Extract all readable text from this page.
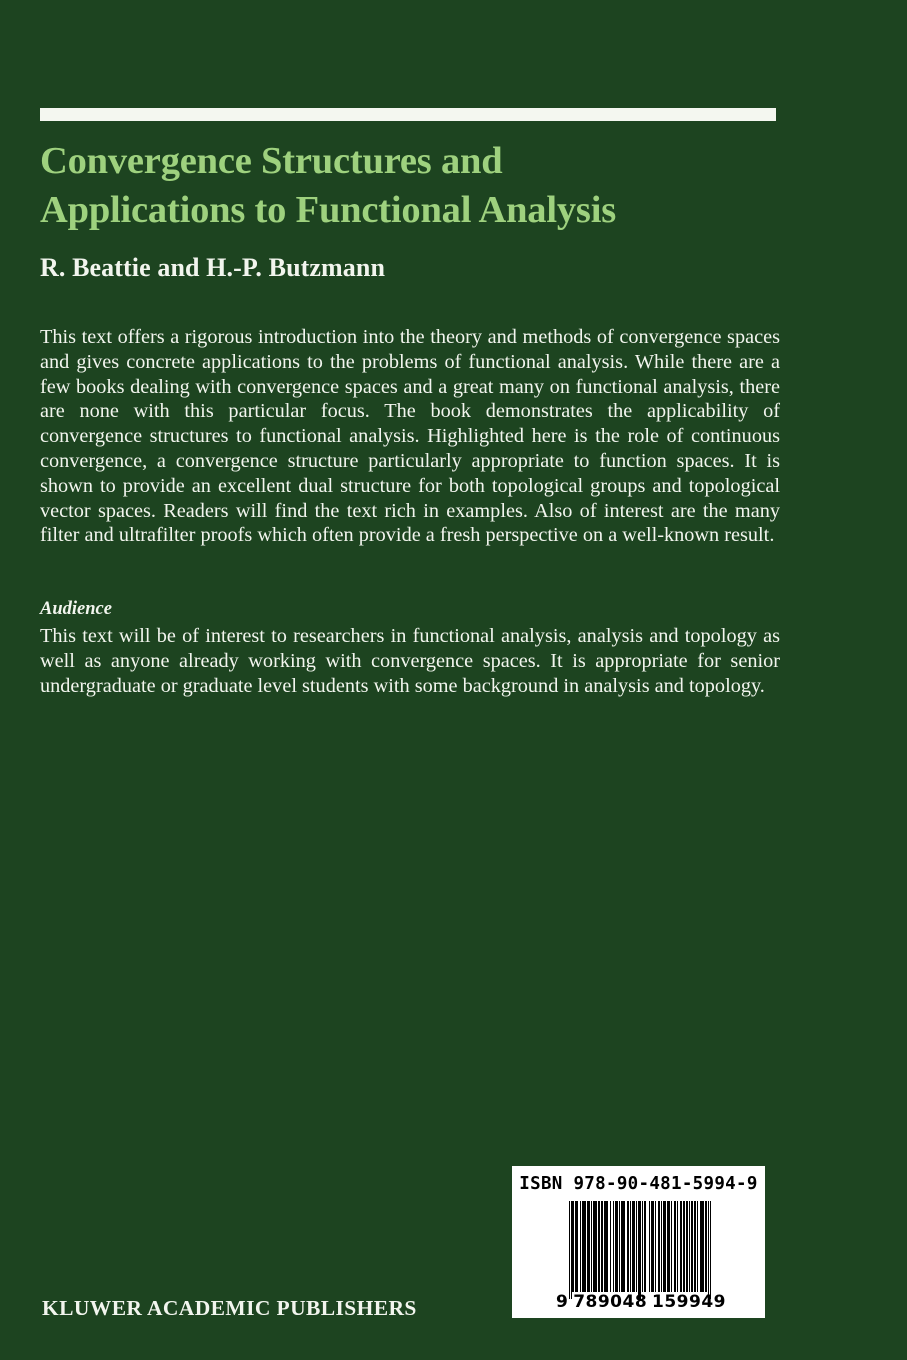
Convergence Structures and
Applications to Functional Analysis
R. Beattie and H.-P. Butzmann

This text offers a rigorous introduction into the theory and methods of convergence spaces and gives concrete applications to the problems of functional analysis. While there are a few books dealing with convergence spaces and a great many on functional analysis, there are none with this particular focus. The book demonstrates the applicability of convergence structures to functional analysis. Highlighted here is the role of continuous convergence, a convergence structure particularly appropriate to function spaces. It is shown to provide an excellent dual structure for both topological groups and topological vector spaces. Readers will find the text rich in examples. Also of interest are the many filter and ultrafilter proofs which often provide a fresh perspective on a well-known result.

Audience

This text will be of interest to researchers in functional analysis, analysis and topology as well as anyone already working with convergence spaces. It is appropriate for senior undergraduate or graduate level students with some background in analysis and topology.

KLUWER ACADEMIC PUBLISHERS
ISBN 978-90-481-5994-9
9 789048 159949
